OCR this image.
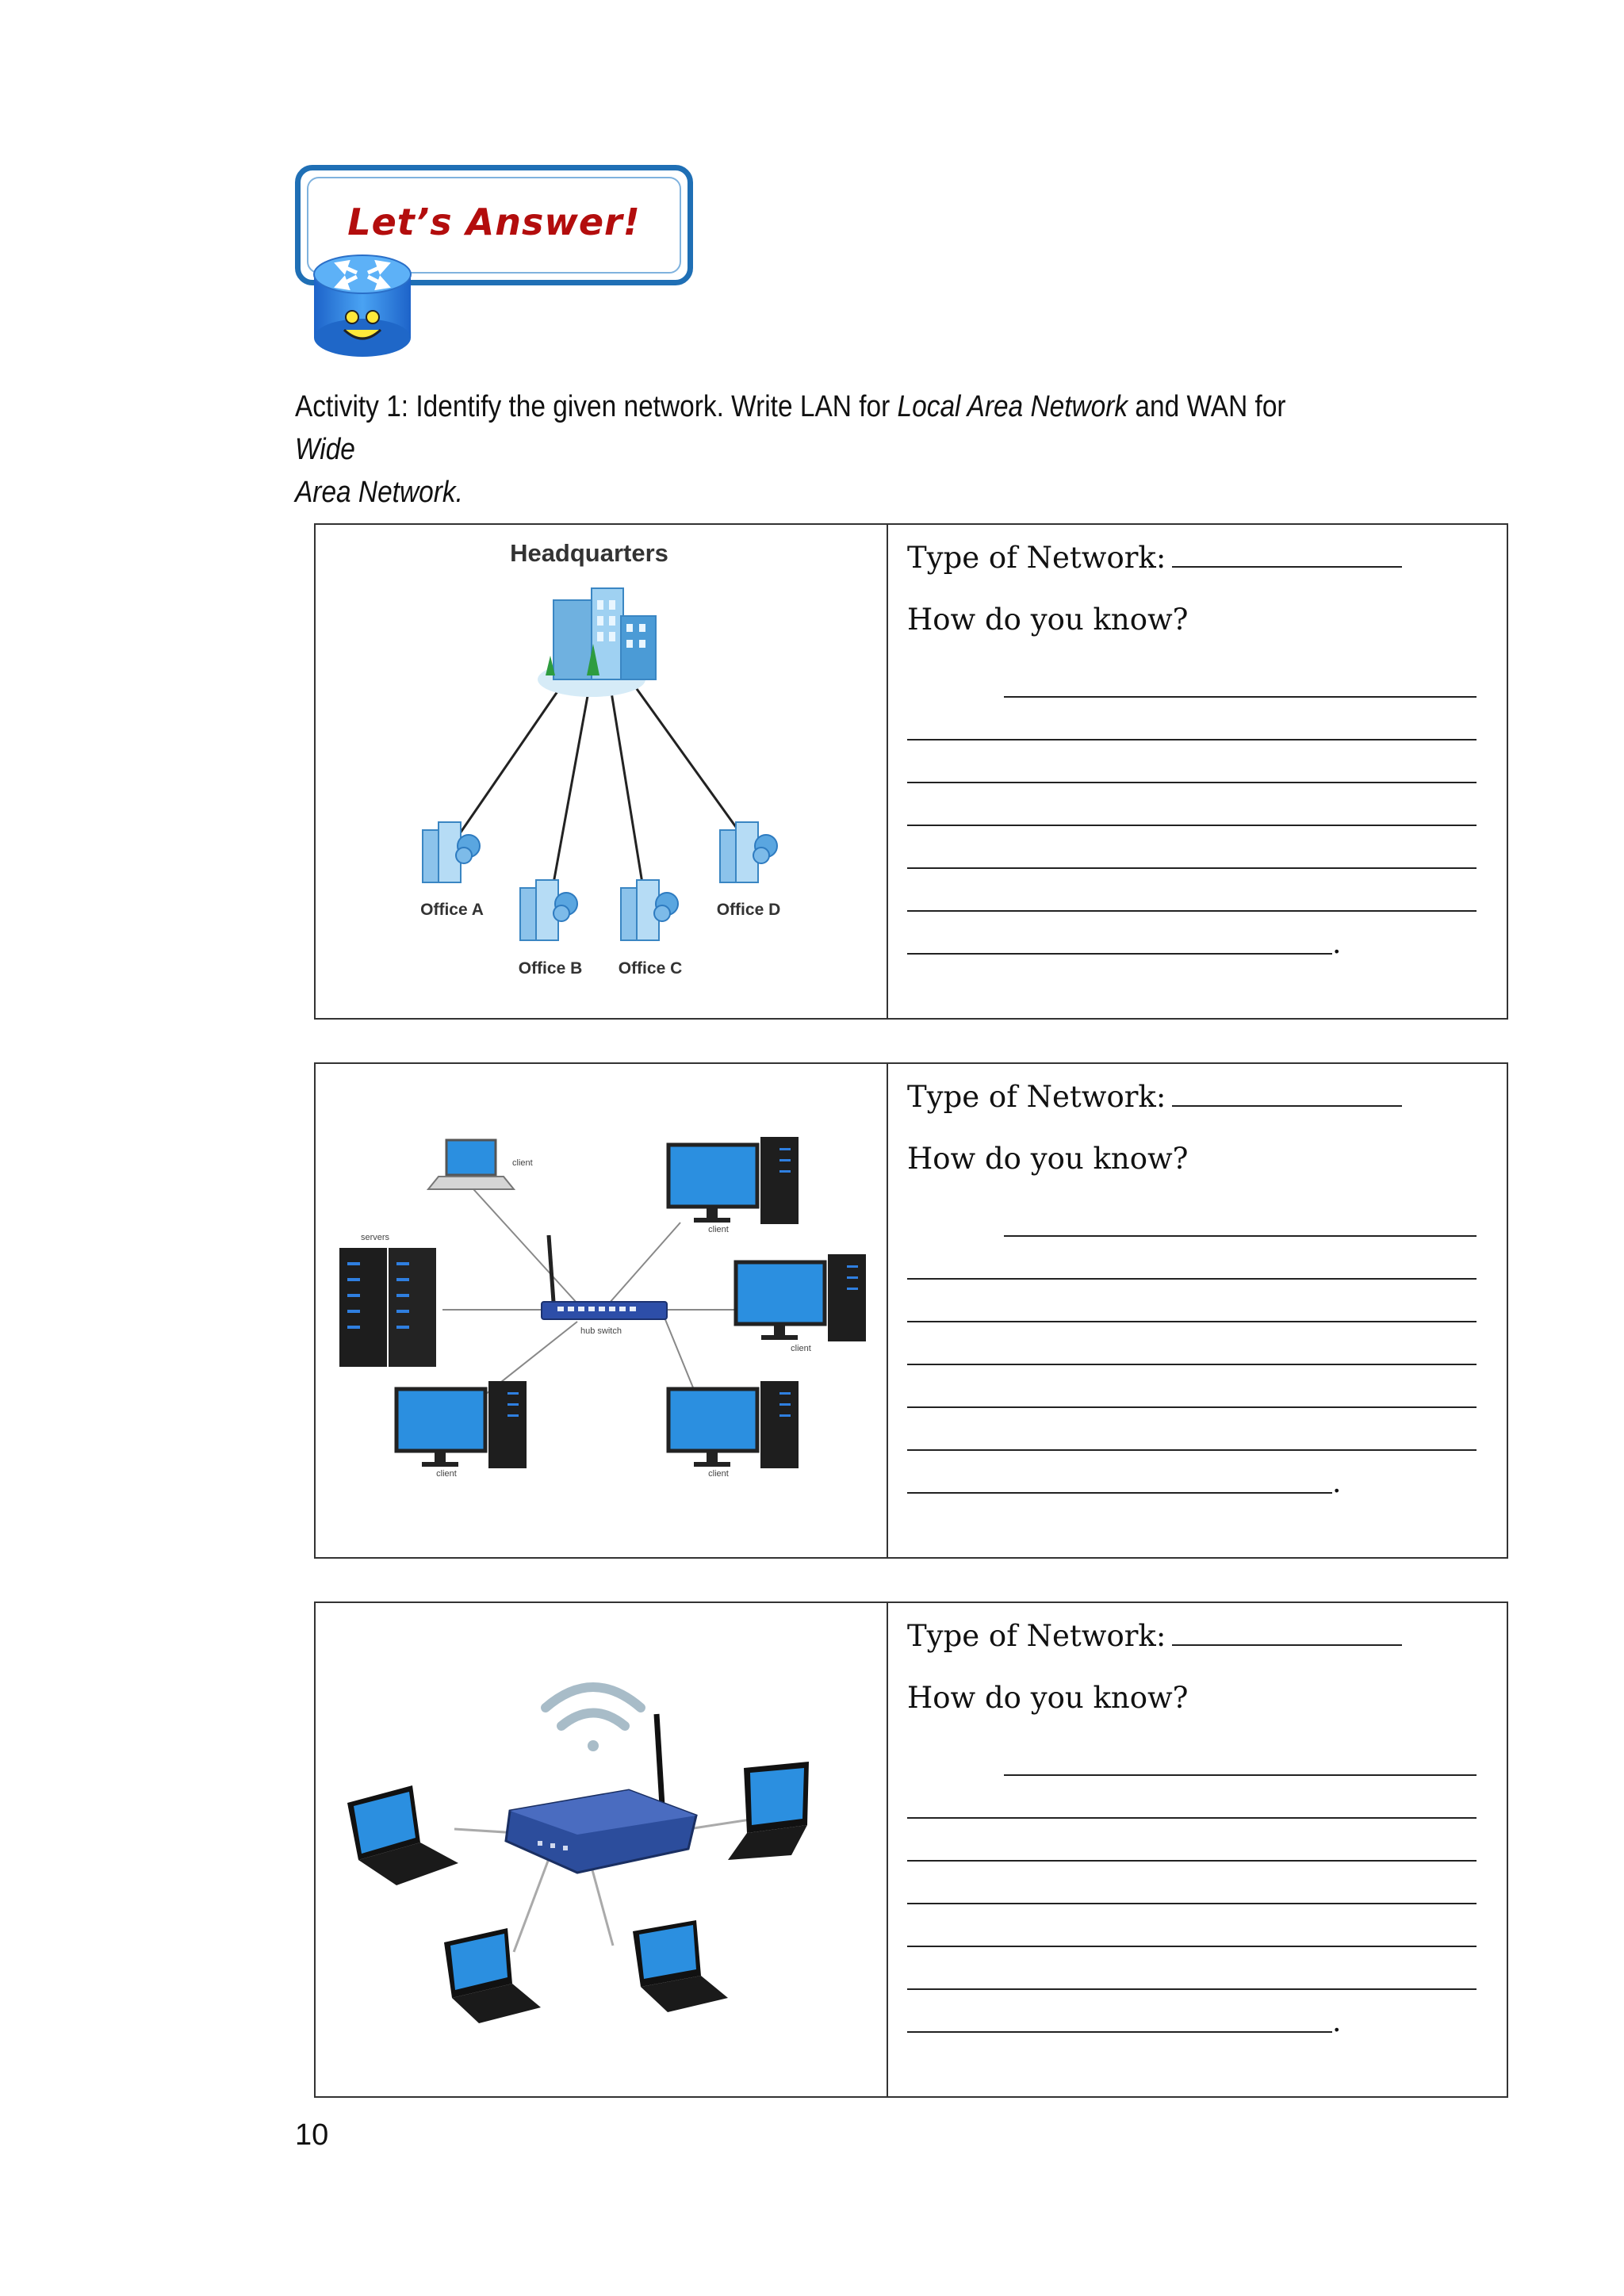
Let’s Answer!
Activity 1: Identify the given network. Write LAN for Local Area Network and WAN for Wide
Area Network.
Headquarters
Office A
Office B Office C
Office D
Type of Network:
How do you know?
.
client
servers
client
client
hub switch
client	client
Type of Network:
How do you know?
.
Type of Network:
How do you know?
.
10
